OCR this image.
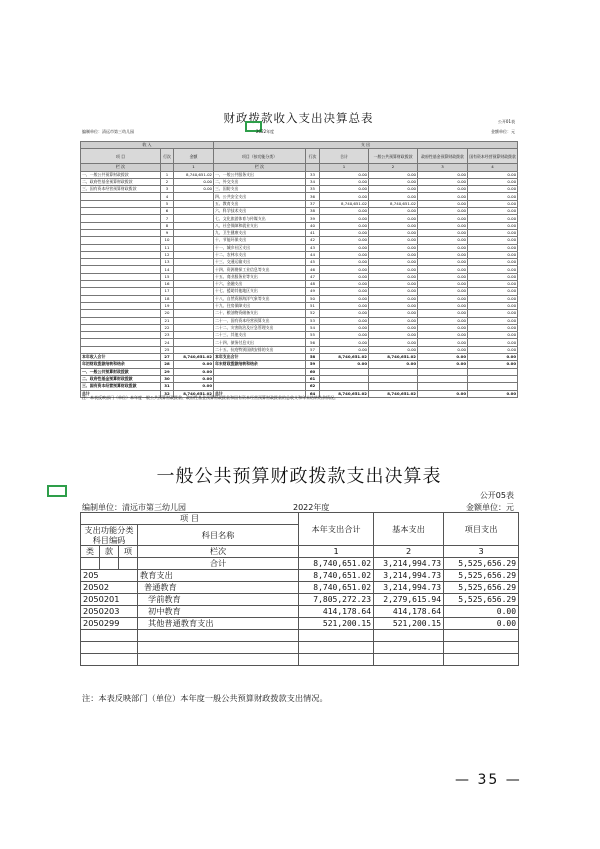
财政拨款收入支出决算总表	公开01表
编制单位：清远市第三幼儿园	2022年度	金额单位：元
收 入			支 出					
项 目	行次	金额	项目（按功能分类）	行次	合计	一般公共预算财政拨款	政府性基金预算财政拨款	国有资本经营预算财政拨款
栏 次		1	栏 次		1	2	3	4
一、一般公共预算财政拨款	1	8,740,651.02	一、一般公共服务支出	33	0.00	0.00	0.00	0.00
二、政府性基金预算财政拨款	2	0.00	二、外交支出	34	0.00	0.00	0.00	0.00
三、国有资本经营预算财政拨款	3	0.00	三、国防支出	35	0.00	0.00	0.00	0.00
	4		四、公共安全支出	36	0.00	0.00	0.00	0.00
	5		五、教育支出	37	8,740,651.02	8,740,651.02	0.00	0.00
	6		六、科学技术支出	38	0.00	0.00	0.00	0.00
	7		七、文化旅游体育与传媒支出	39	0.00	0.00	0.00	0.00
	8		八、社会保障和就业支出	40	0.00	0.00	0.00	0.00
	9		九、卫生健康支出	41	0.00	0.00	0.00	0.00
	10		十、节能环保支出	42	0.00	0.00	0.00	0.00
	11		十一、城乡社区支出	43	0.00	0.00	0.00	0.00
	12		十二、农林水支出	44	0.00	0.00	0.00	0.00
	13		十三、交通运输支出	45	0.00	0.00	0.00	0.00
	14		十四、资源勘探工业信息等支出	46	0.00	0.00	0.00	0.00
	15		十五、商业服务业等支出	47	0.00	0.00	0.00	0.00
	16		十六、金融支出	48	0.00	0.00	0.00	0.00
	17		十七、援助其他地区支出	49	0.00	0.00	0.00	0.00
	18		十八、自然资源海洋气象等支出	50	0.00	0.00	0.00	0.00
	19		十九、住房保障支出	51	0.00	0.00	0.00	0.00
	20		二十、粮油物资储备支出	52	0.00	0.00	0.00	0.00
	21		二十一、国有资本经营预算支出	53	0.00	0.00	0.00	0.00
	22		二十二、灾害防治及应急管理支出	54	0.00	0.00	0.00	0.00
	23		二十三、其他支出	55	0.00	0.00	0.00	0.00
	24		二十四、债务付息支出	56	0.00	0.00	0.00	0.00
	25		二十五、抗疫特别国债安排的支出	57	0.00	0.00	0.00	0.00
本年收入合计	27	8,740,651.02	本年支出合计	58	8,740,651.02	8,740,651.02	0.00	0.00
年初财政拨款结转和结余	28	0.00	年末财政拨款结转和结余	59	0.00	0.00	0.00	0.00
一、一般公共预算财政拨款	29	0.00		60				
二、政府性基金预算财政拨款	30	0.00		61				
三、国有资本经营预算财政拨款	31	0.00		62				
总计	32	8,740,651.02	总计	64	8,740,651.02	8,740,651.02	0.00	0.00
注：本表反映部门（单位）本年度一般公共预算财政拨款、政府性基金预算财政拨款和国有资本经营预算财政拨款的总收支和年末结转结余情况。
一般公共预算财政拨款支出决算表
公开05表
编制单位：清远市第三幼儿园	2022年度	金额单位：元
项 目				本年支出合计	基本支出	项目支出
支出功能分类科目编码			科目名称			

类	款	项				
			栏次	1	2	3
			合计	8,740,651.02	3,214,994.73	5,525,656.29
205			教育支出	8,740,651.02	3,214,994.73	5,525,656.29
20502			普通教育	8,740,651.02	3,214,994.73	5,525,656.29
2050201			学前教育	7,805,272.23	2,279,615.94	5,525,656.29
2050203			初中教育	414,178.64	414,178.64	0.00
2050299			其他普通教育支出	521,200.15	521,200.15	0.00

注：本表反映部门（单位）本年度一般公共预算财政拨款支出情况。
— 35 —
